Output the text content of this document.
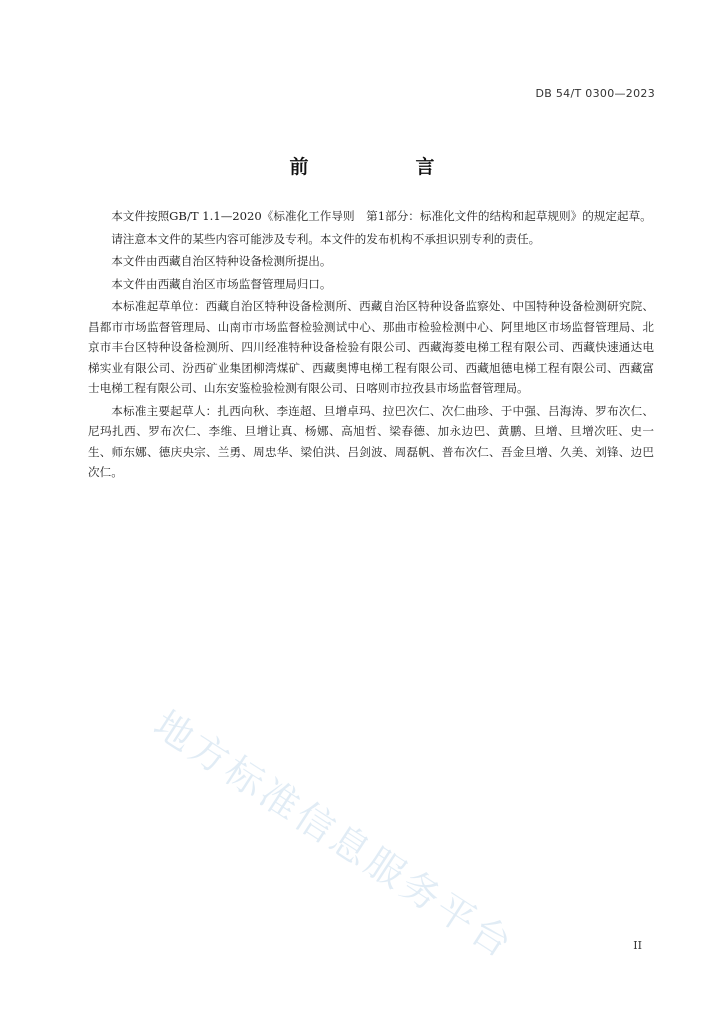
DB 54/T 0300—2023
前　言

本文件按照GB/T 1.1—2020《标准化工作导则　第1部分：标准化文件的结构和起草规则》的规定起草。

请注意本文件的某些内容可能涉及专利。本文件的发布机构不承担识别专利的责任。

本文件由西藏自治区特种设备检测所提出。

本文件由西藏自治区市场监督管理局归口。

本标准起草单位：西藏自治区特种设备检测所、西藏自治区特种设备监察处、中国特种设备检测研究院、昌都市市场监督管理局、山南市市场监督检验测试中心、那曲市检验检测中心、阿里地区市场监督管理局、北京市丰台区特种设备检测所、四川经准特种设备检验有限公司、西藏海菱电梯工程有限公司、西藏快速通达电梯实业有限公司、汾西矿业集团柳湾煤矿、西藏奥博电梯工程有限公司、西藏旭德电梯工程有限公司、西藏富士电梯工程有限公司、山东安鉴检验检测有限公司、日喀则市拉孜县市场监督管理局。

本标准主要起草人：扎西向秋、李连超、旦增卓玛、拉巴次仁、次仁曲珍、于中强、吕海涛、罗布次仁、尼玛扎西、罗布次仁、李维、旦增让真、杨娜、高旭哲、梁春德、加永边巴、黄鹏、旦增、旦增次旺、史一生、师东娜、德庆央宗、兰勇、周忠华、梁伯洪、吕剑波、周磊帆、普布次仁、吾金旦增、久美、刘锋、边巴次仁。

地方标准信息服务平台	II
